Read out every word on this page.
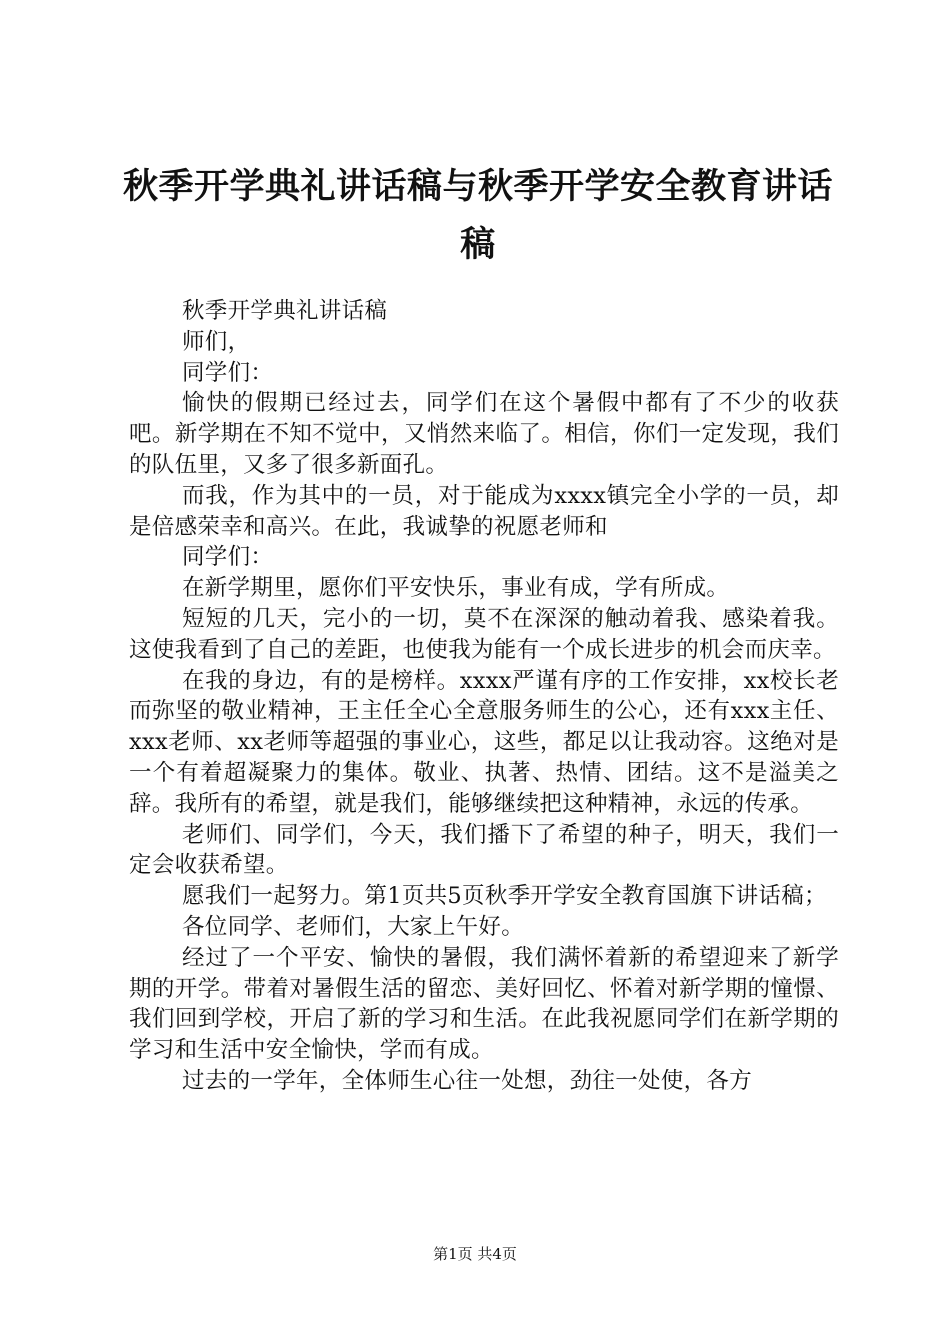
秋季开学典礼讲话稿与秋季开学安全教育讲话稿

秋季开学典礼讲话稿

师们，

同学们：

愉快的假期已经过去，同学们在这个暑假中都有了不少的收获吧。新学期在不知不觉中，又悄然来临了。相信，你们一定发现，我们的队伍里，又多了很多新面孔。

而我，作为其中的一员，对于能成为xxxx镇完全小学的一员，却是倍感荣幸和高兴。在此，我诚挚的祝愿老师和

同学们：

在新学期里，愿你们平安快乐，事业有成，学有所成。

短短的几天，完小的一切，莫不在深深的触动着我、感染着我。这使我看到了自己的差距，也使我为能有一个成长进步的机会而庆幸。

在我的身边，有的是榜样。xxxx严谨有序的工作安排，xx校长老而弥坚的敬业精神，王主任全心全意服务师生的公心，还有xxx主任、xxx老师、xx老师等超强的事业心，这些，都足以让我动容。这绝对是一个有着超凝聚力的集体。敬业、执著、热情、团结。这不是溢美之辞。我所有的希望，就是我们，能够继续把这种精神，永远的传承。

老师们、同学们，今天，我们播下了希望的种子，明天，我们一定会收获希望。

愿我们一起努力。第1页共5页秋季开学安全教育国旗下讲话稿；

各位同学、老师们，大家上午好。

经过了一个平安、愉快的暑假，我们满怀着新的希望迎来了新学期的开学。带着对暑假生活的留恋、美好回忆、怀着对新学期的憧憬、我们回到学校，开启了新的学习和生活。在此我祝愿同学们在新学期的学习和生活中安全愉快，学而有成。

过去的一学年，全体师生心往一处想，劲往一处使，各方

第1页 共4页
